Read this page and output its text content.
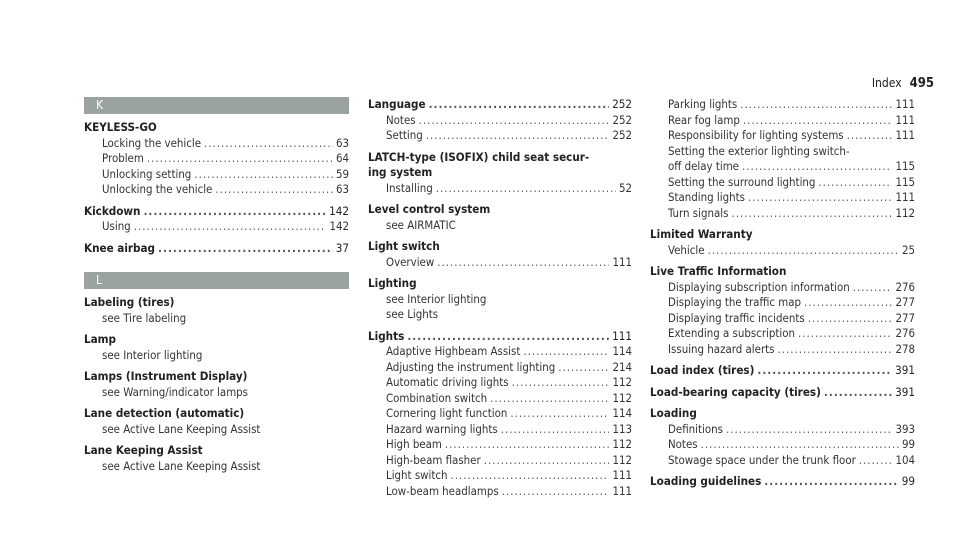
Index 495
K
KEYLESS-GO
Locking the vehicle .....	63
Problem .....	64
Unlocking setting .....	59
Unlocking the vehicle .....	63
Kickdown .....	142
Using .....	142
Knee airbag .....	37
L
Labeling (tires)
see Tire labeling
Lamp
see Interior lighting
Lamps (Instrument Display)
see Warning/indicator lamps
Lane detection (automatic)
see Active Lane Keeping Assist
Lane Keeping Assist
see Active Lane Keeping Assist
Language .....	252
Notes .....	252
Setting .....	252
LATCH-type (ISOFIX) child seat secur-
ing system
Installing .....	52
Level control system
see AIRMATIC
Light switch
Overview .....	111
Lighting
see Interior lighting
see Lights
Lights .....	111
Adaptive Highbeam Assist .....	114
Adjusting the instrument lighting .....	214
Automatic driving lights .....	112
Combination switch .....	112
Cornering light function .....	114
Hazard warning lights .....	113
High beam .....	112
High-beam flasher .....	112
Light switch .....	111
Low-beam headlamps .....	111
Parking lights .....	111
Rear fog lamp .....	111
Responsibility for lighting systems .....	111
Setting the exterior lighting switch-
off delay time .....	115
Setting the surround lighting .....	115
Standing lights .....	111
Turn signals .....	112
Limited Warranty
Vehicle .....	25
Live Traffic Information
Displaying subscription information .....	276
Displaying the traffic map .....	277
Displaying traffic incidents .....	277
Extending a subscription .....	276
Issuing hazard alerts .....	278
Load index (tires) .....	391
Load-bearing capacity (tires) .....	391
Loading
Definitions .....	393
Notes .....	99
Stowage space under the trunk floor .....	104
Loading guidelines .....	99
